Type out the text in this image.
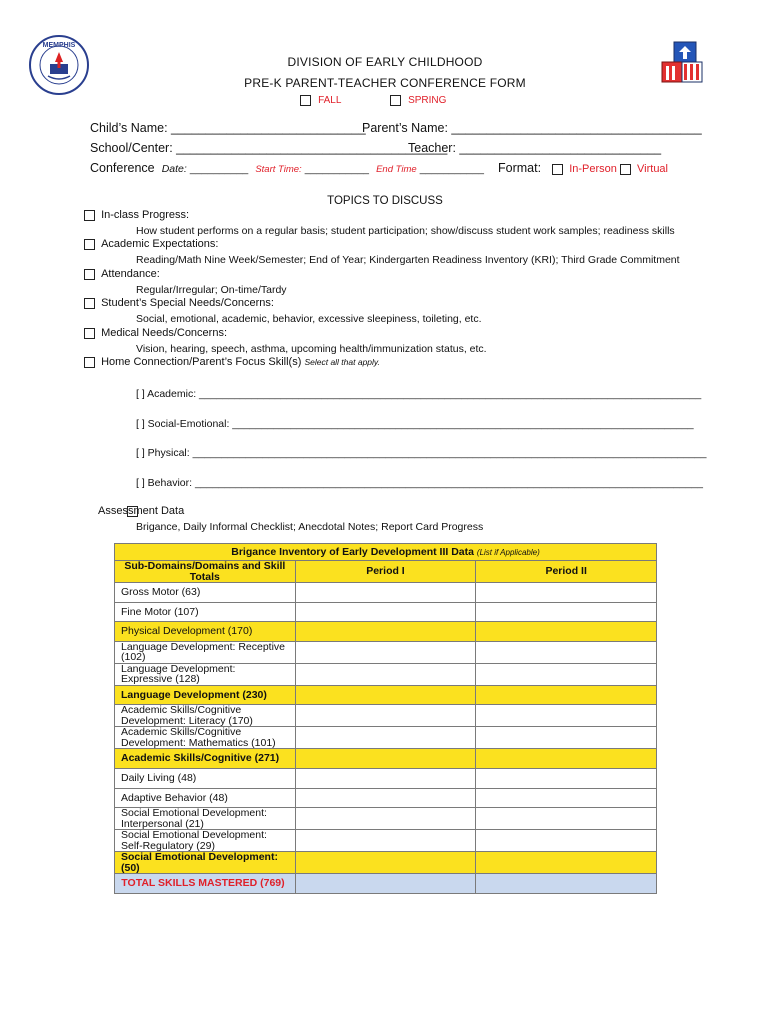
MEMPHIS
DIVISION OF EARLY CHILDHOOD
PRE-K PARENT-TEACHER CONFERENCE FORM
FALL	SPRING
Child’s Name: ____________________________
Parent’s Name: ____________________________________
School/Center: _______________________________________
Teacher: _____________________________
Conference Date: __________ Start Time: ___________ End Time ___________ Format:	In-Person Virtual
TOPICS TO DISCUSS
In-class Progress:
How student performs on a regular basis; student participation; show/discuss student work samples; readiness skills
Academic Expectations:
Reading/Math Nine Week/Semester; End of Year; Kindergarten Readiness Inventory (KRI); Third Grade Commitment
Attendance:
Regular/Irregular; On-time/Tardy
Student’s Special Needs/Concerns:
Social, emotional, academic, behavior, excessive sleepiness, toileting, etc.
Medical Needs/Concerns:
Vision, hearing, speech, asthma, upcoming health/immunization status, etc.
Home Connection/Parent’s Focus Skill(s) Select all that apply.
[ ] Academic: ______________________________________________________________________________________
[ ] Social-Emotional: _______________________________________________________________________________
[ ] Physical: ________________________________________________________________________________________
[ ] Behavior: _______________________________________________________________________________________
Assessment Data
Brigance, Daily Informal Checklist; Anecdotal Notes; Report Card Progress
Brigance Inventory of Early Development III Data (List if Applicable)		
Sub-Domains/Domains and Skill Totals	Period I	Period II
Gross Motor (63)		
Fine Motor (107)		
Physical Development (170)		
Language Development: Receptive (102)		
Language Development: Expressive (128)		
Language Development (230)		
Academic Skills/Cognitive Development: Literacy (170)		
Academic Skills/Cognitive Development: Mathematics (101)		
Academic Skills/Cognitive (271)		
Daily Living (48)		
Adaptive Behavior (48)		
Social Emotional Development: Interpersonal (21)		
Social Emotional Development: Self-Regulatory (29)		
Social Emotional Development: (50)		
TOTAL SKILLS MASTERED (769)		
